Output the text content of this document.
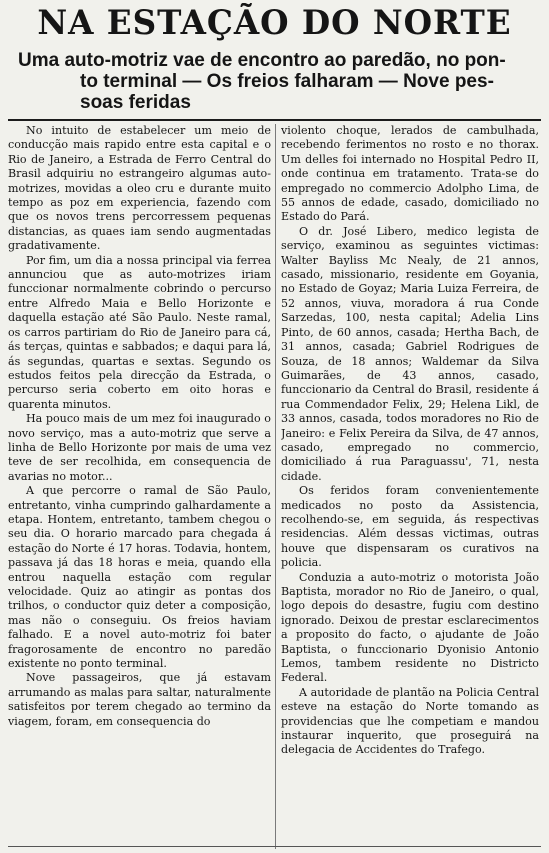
NA ESTAÇÃO DO NORTE
Uma auto-motriz vae de encontro ao paredão, no pon-
to terminal — Os freios falharam — Nove pes-
soas feridas

No intuito de estabelecer um meio de conducção mais rapido entre esta capital e o Rio de Janeiro, a Estrada de Ferro Central do Brasil adquiriu no estrangeiro algumas auto-motrizes, movidas a oleo cru e durante muito tempo as poz em experiencia, fazendo com que os novos trens percorressem pequenas distancias, as quaes iam sendo augmentadas gradativamente.

Por fim, um dia a nossa principal via ferrea annunciou que as auto-motrizes iriam funccionar normalmente cobrindo o percurso entre Alfredo Maia e Bello Horizonte e daquella estação até São Paulo. Neste ramal, os carros partiriam do Rio de Janeiro para cá, ás terças, quintas e sabbados; e daqui para lá, ás segundas, quartas e sextas. Segundo os estudos feitos pela direcção da Estrada, o percurso seria coberto em oito horas e quarenta minutos.

Ha pouco mais de um mez foi inaugurado o novo serviço, mas a auto-motriz que serve a linha de Bello Horizonte por mais de uma vez teve de ser recolhida, em consequencia de avarias no motor...

A que percorre o ramal de São Paulo, entretanto, vinha cumprindo galhardamente a etapa. Hontem, entretanto, tambem chegou o seu dia. O horario marcado para chegada á estação do Norte é 17 horas. Todavia, hontem, passava já das 18 horas e meia, quando ella entrou naquella estação com regular velocidade. Quiz ao atingir as pontas dos trilhos, o conductor quiz deter a composição, mas não o conseguiu. Os freios haviam falhado. E a novel auto-motriz foi bater fragorosamente de encontro no paredão existente no ponto terminal.

Nove passageiros, que já estavam arrumando as malas para saltar, naturalmente satisfeitos por terem chegado ao termino da viagem, foram, em consequencia do

violento choque, lerados de cambulhada, recebendo ferimentos no rosto e no thorax. Um delles foi internado no Hospital Pedro II, onde continua em tratamento. Trata-se do empregado no commercio Adolpho Lima, de 55 annos de edade, casado, domiciliado no Estado do Pará.

O dr. José Libero, medico legista de serviço, examinou as seguintes victimas: Walter Bayliss Mc Nealy, de 21 annos, casado, missionario, residente em Goyania, no Estado de Goyaz; Maria Luiza Ferreira, de 52 annos, viuva, moradora á rua Conde Sarzedas, 100, nesta capital; Adelia Lins Pinto, de 60 annos, casada; Hertha Bach, de 31 annos, casada; Gabriel Rodrigues de Souza, de 18 annos; Waldemar da Silva Guimarães, de 43 annos, casado, funccionario da Central do Brasil, residente á rua Commendador Felix, 29; Helena Likl, de 33 annos, casada, todos moradores no Rio de Janeiro: e Felix Pereira da Silva, de 47 annos, casado, empregado no commercio, domiciliado á rua Paraguassu', 71, nesta cidade.

Os feridos foram convenientemente medicados no posto da Assistencia, recolhendo-se, em seguida, ás respectivas residencias. Além dessas victimas, outras houve que dispensaram os curativos na policia.

Conduzia a auto-motriz o motorista João Baptista, morador no Rio de Janeiro, o qual, logo depois do desastre, fugiu com destino ignorado. Deixou de prestar esclarecimentos a proposito do facto, o ajudante de João Baptista, o funccionario Dyonisio Antonio Lemos, tambem residente no Districto Federal.

A autoridade de plantão na Policia Central esteve na estação do Norte tomando as providencias que lhe competiam e mandou instaurar inquerito, que proseguirá na delegacia de Accidentes do Trafego.
